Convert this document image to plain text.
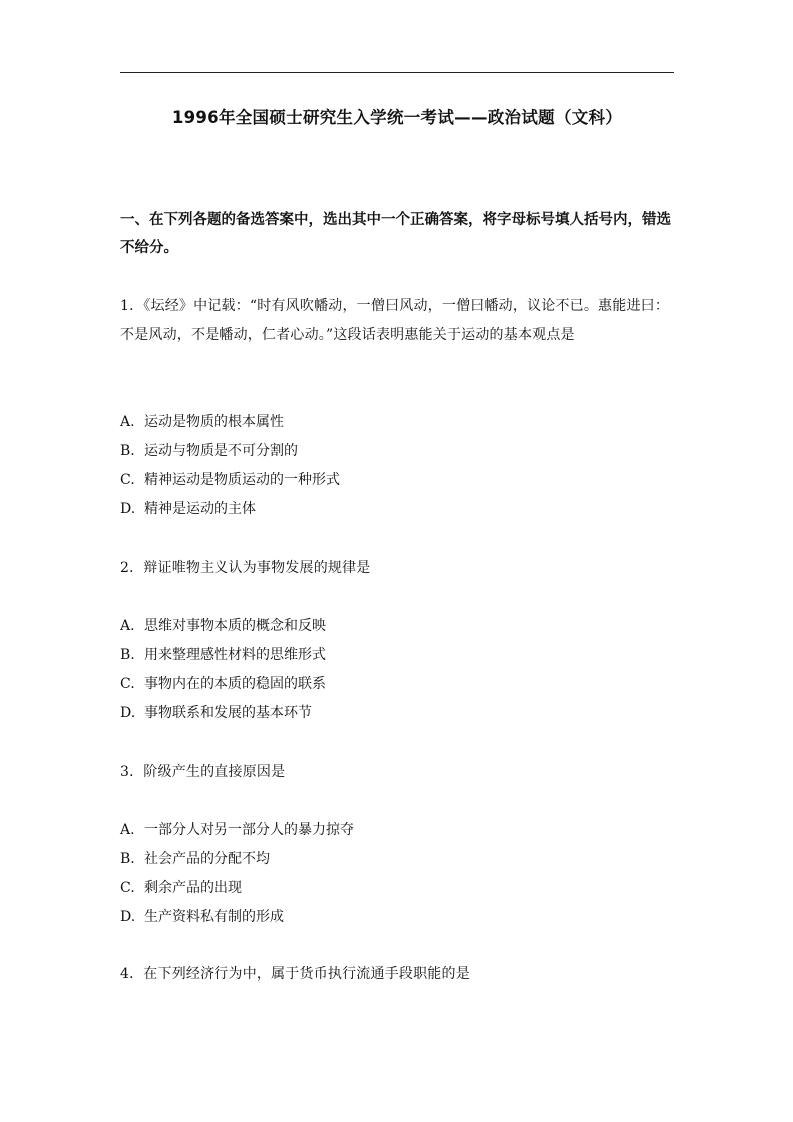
1996年全国硕士研究生入学统一考试——政治试题（文科）
一、在下列各题的备选答案中，选出其中一个正确答案，将字母标号填人括号内，错选不给分。
1．《坛经》中记载：“时有风吹幡动，一僧曰风动，一僧曰幡动，议论不已。惠能进曰：不是风动，不是幡动，仁者心动。”这段话表明惠能关于运动的基本观点是
A. 运动是物质的根本属性
B. 运动与物质是不可分割的
C. 精神运动是物质运动的一种形式
D. 精神是运动的主体
2．辩证唯物主义认为事物发展的规律是
A. 思维对事物本质的概念和反映
B. 用来整理感性材料的思维形式
C. 事物内在的本质的稳固的联系
D. 事物联系和发展的基本环节
3．阶级产生的直接原因是
A. 一部分人对另一部分人的暴力掠夺
B. 社会产品的分配不均
C. 剩余产品的出现
D. 生产资料私有制的形成
4．在下列经济行为中，属于货币执行流通手段职能的是
